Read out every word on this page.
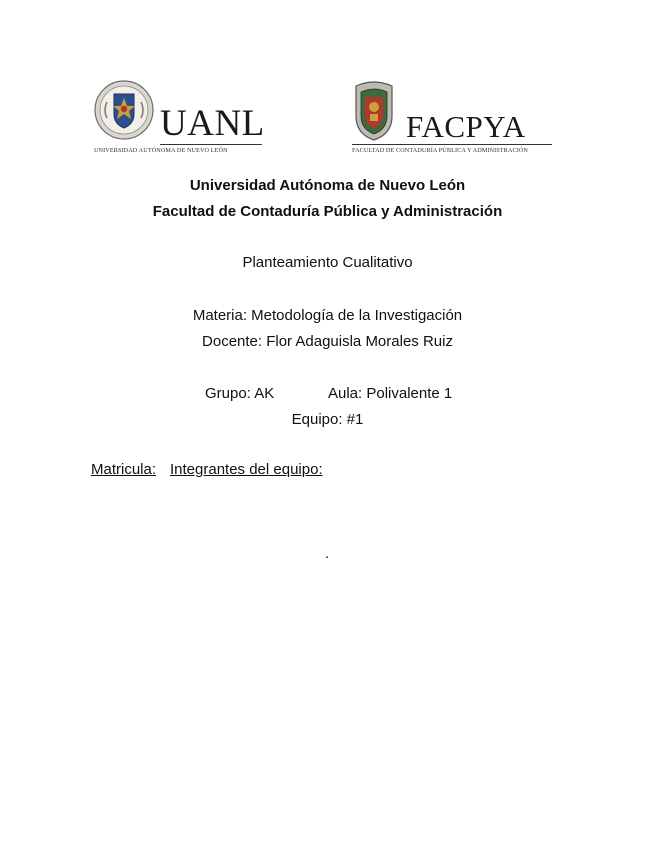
UANL
UNIVERSIDAD AUTÓNOMA DE NUEVO LEÓN
FACPYA
FACULTAD DE CONTADURÍA PÚBLICA Y ADMINISTRACIÓN
Universidad Autónoma de Nuevo León
Facultad de Contaduría Pública y Administración
Planteamiento Cualitativo
Materia: Metodología de la Investigación
Docente: Flor Adaguisla Morales Ruiz
Grupo: AK	Aula: Polivalente 1
Equipo: #1
Matricula: Integrantes del equipo:
.
